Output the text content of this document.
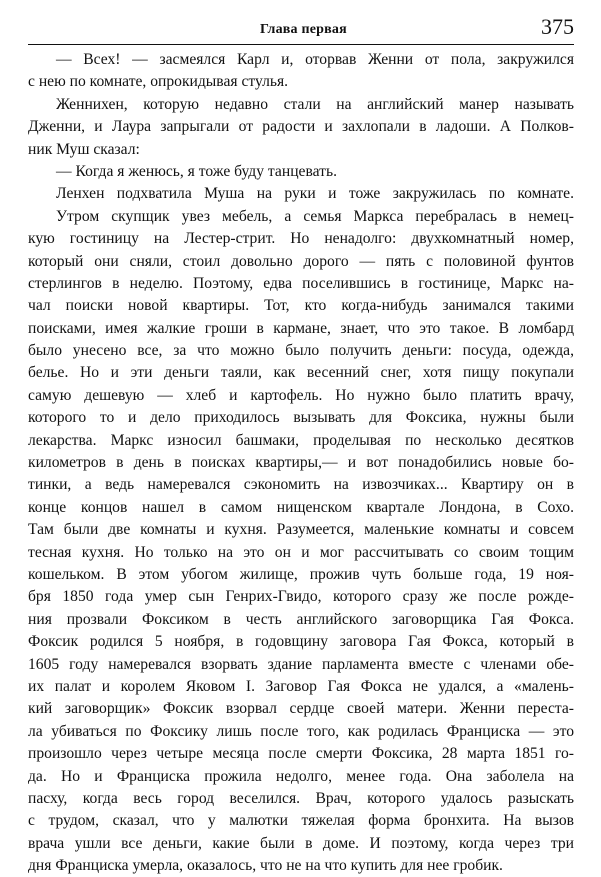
Глава первая	375
— Всех! — засмеялся Карл и, оторвав Женни от пола, закружился
с нею по комнате, опрокидывая стулья.
Женнихен, которую недавно стали на английский манер называть
Дженни, и Лаура запрыгали от радости и захлопали в ладоши. А Полков-
ник Муш сказал:
— Когда я женюсь, я тоже буду танцевать.
Ленхен подхватила Муша на руки и тоже закружилась по комнате.
Утром скупщик увез мебель, а семья Маркса перебралась в немец-
кую гостиницу на Лестер-стрит. Но ненадолго: двухкомнатный номер,
который они сняли, стоил довольно дорого — пять с половиной фунтов
стерлингов в неделю. Поэтому, едва поселившись в гостинице, Маркс на-
чал поиски новой квартиры. Тот, кто когда-нибудь занимался такими
поисками, имея жалкие гроши в кармане, знает, что это такое. В ломбард
было унесено все, за что можно было получить деньги: посуда, одежда,
белье. Но и эти деньги таяли, как весенний снег, хотя пищу покупали
самую дешевую — хлеб и картофель. Но нужно было платить врачу,
которого то и дело приходилось вызывать для Фоксика, нужны были
лекарства. Маркс износил башмаки, проделывая по несколько десятков
километров в день в поисках квартиры,— и вот понадобились новые бо-
тинки, а ведь намеревался сэкономить на извозчиках... Квартиру он в
конце концов нашел в самом нищенском квартале Лондона, в Сохо.
Там были две комнаты и кухня. Разумеется, маленькие комнаты и совсем
тесная кухня. Но только на это он и мог рассчитывать со своим тощим
кошельком. В этом убогом жилище, прожив чуть больше года, 19 ноя-
бря 1850 года умер сын Генрих-Гвидо, которого сразу же после рожде-
ния прозвали Фоксиком в честь английского заговорщика Гая Фокса.
Фоксик родился 5 ноября, в годовщину заговора Гая Фокса, который в
1605 году намеревался взорвать здание парламента вместе с членами обе-
их палат и королем Яковом I. Заговор Гая Фокса не удался, а «малень-
кий заговорщик» Фоксик взорвал сердце своей матери. Женни переста-
ла убиваться по Фоксику лишь после того, как родилась Франциска — это
произошло через четыре месяца после смерти Фоксика, 28 марта 1851 го-
да. Но и Франциска прожила недолго, менее года. Она заболела на
пасху, когда весь город веселился. Врач, которого удалось разыскать
с трудом, сказал, что у малютки тяжелая форма бронхита. На вызов
врача ушли все деньги, какие были в доме. И поэтому, когда через три
дня Франциска умерла, оказалось, что не на что купить для нее гробик.
